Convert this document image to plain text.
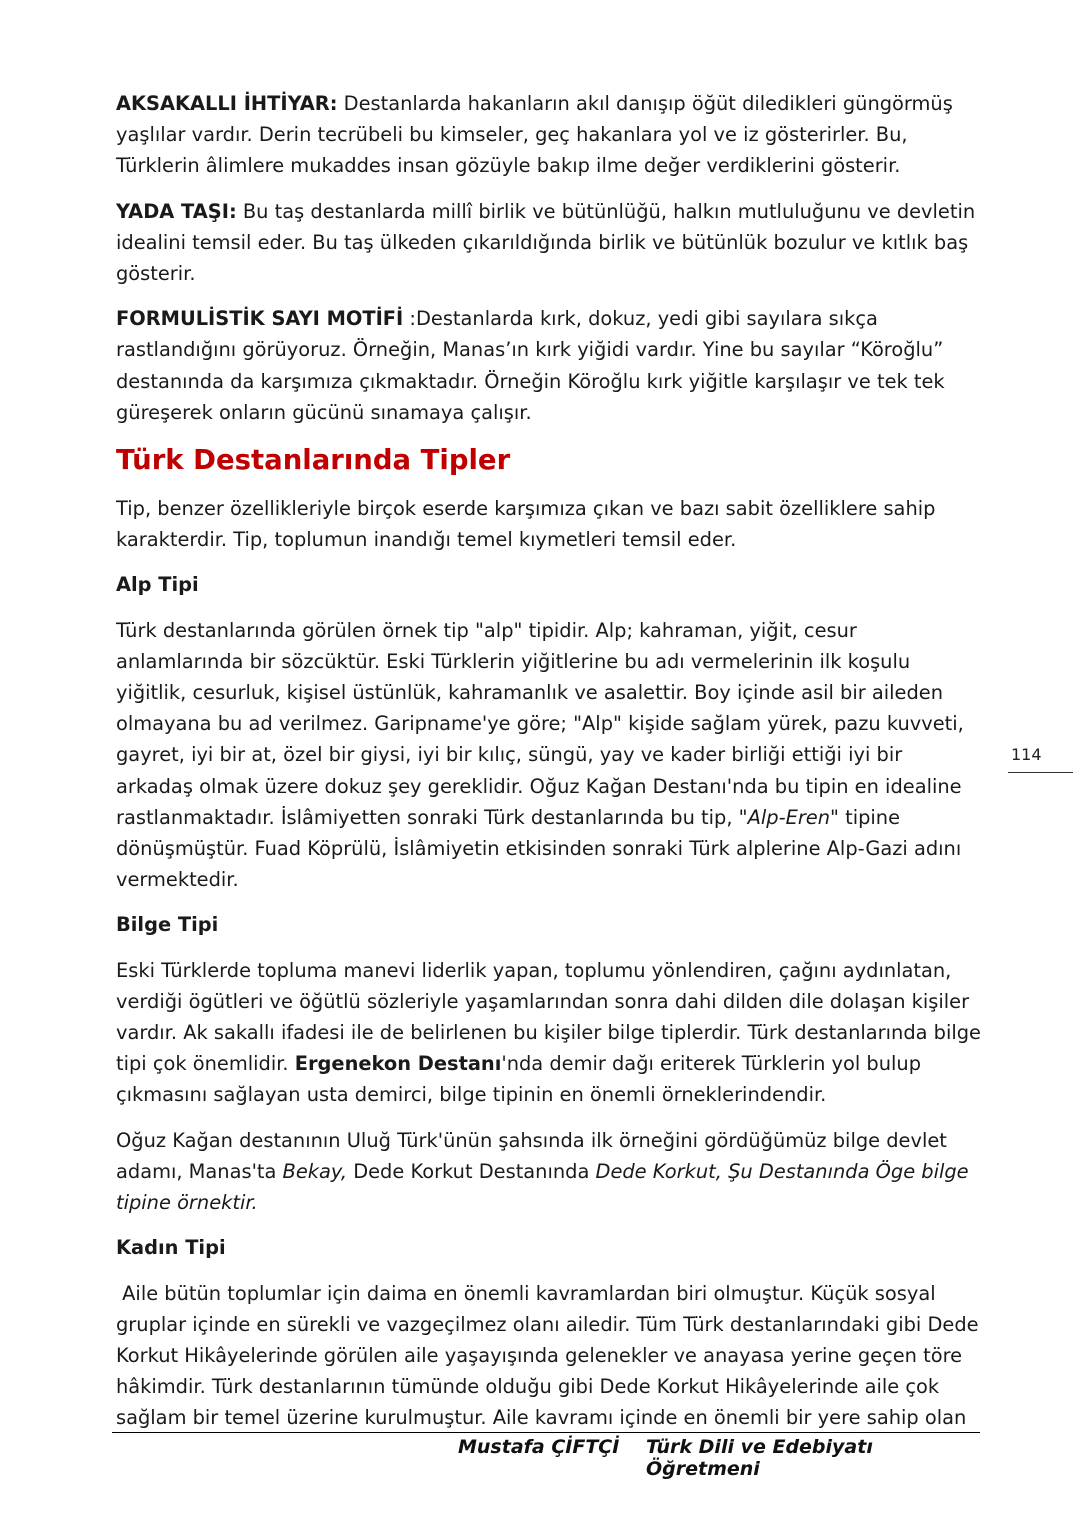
AKSAKALLI İHTİYAR: Destanlarda hakanların akıl danışıp öğüt diledikleri güngörmüş yaşlılar vardır. Derin tecrübeli bu kimseler, geç hakanlara yol ve iz gösterirler. Bu, Türklerin âlimlere mukaddes insan gözüyle bakıp ilme değer verdiklerini gösterir.

YADA TAŞI: Bu taş destanlarda millî birlik ve bütünlüğü, halkın mutluluğunu ve devletin idealini temsil eder. Bu taş ülkeden çıkarıldığında birlik ve bütünlük bozulur ve kıtlık baş gösterir.

FORMULİSTİK SAYI MOTİFİ :Destanlarda kırk, dokuz, yedi gibi sayılara sıkça rastlandığını görüyoruz. Örneğin, Manas’ın kırk yiğidi vardır. Yine bu sayılar “Köroğlu” destanında da karşımıza çıkmaktadır. Örneğin Köroğlu kırk yiğitle karşılaşır ve tek tek güreşerek onların gücünü sınamaya çalışır.

Türk Destanlarında Tipler

Tip, benzer özellikleriyle birçok eserde karşımıza çıkan ve bazı sabit özelliklere sahip karakterdir. Tip, toplumun inandığı temel kıymetleri temsil eder.

Alp Tipi

Türk destanlarında görülen örnek tip "alp" tipidir. Alp; kahraman, yiğit, cesur anlamlarında bir sözcüktür. Eski Türklerin yiğitlerine bu adı vermelerinin ilk koşulu yiğitlik, cesurluk, kişisel üstünlük, kahramanlık ve asalettir. Boy içinde asil bir aileden olmayana bu ad verilmez. Garipname'ye göre; "Alp" kişide sağlam yürek, pazu kuvveti, gayret, iyi bir at, özel bir giysi, iyi bir kılıç, süngü, yay ve kader birliği ettiği iyi bir arkadaş olmak üzere dokuz şey gereklidir. Oğuz Kağan Destanı'nda bu tipin en idealine rastlanmaktadır. İslâmiyetten sonraki Türk destanlarında bu tip, "Alp-Eren" tipine dönüşmüştür. Fuad Köprülü, İslâmiyetin etkisinden sonraki Türk alplerine Alp-Gazi adını vermektedir.

Bilge Tipi

Eski Türklerde topluma manevi liderlik yapan, toplumu yönlendiren, çağını aydınlatan, verdiği ögütleri ve öğütlü sözleriyle yaşamlarından sonra dahi dilden dile dolaşan kişiler vardır. Ak sakallı ifadesi ile de belirlenen bu kişiler bilge tiplerdir. Türk destanlarında bilge tipi çok önemlidir. Ergenekon Destanı'nda demir dağı eriterek Türklerin yol bulup çıkmasını sağlayan usta demirci, bilge tipinin en önemli örneklerindendir.

Oğuz Kağan destanının Uluğ Türk'ünün şahsında ilk örneğini gördüğümüz bilge devlet adamı, Manas'ta Bekay, Dede Korkut Destanında Dede Korkut, Şu Destanında Öge bilge tipine örnektir.

Kadın Tipi

Aile bütün toplumlar için daima en önemli kavramlardan biri olmuştur. Küçük sosyal gruplar içinde en sürekli ve vazgeçilmez olanı ailedir. Tüm Türk destanlarındaki gibi Dede Korkut Hikâyelerinde görülen aile yaşayışında gelenekler ve anayasa yerine geçen töre hâkimdir. Türk destanlarının tümünde olduğu gibi Dede Korkut Hikâyelerinde aile çok sağlam bir temel üzerine kurulmuştur. Aile kavramı içinde en önemli bir yere sahip olan

114
Mustafa ÇİFTÇİ Türk Dili ve Edebiyatı Öğretmeni
